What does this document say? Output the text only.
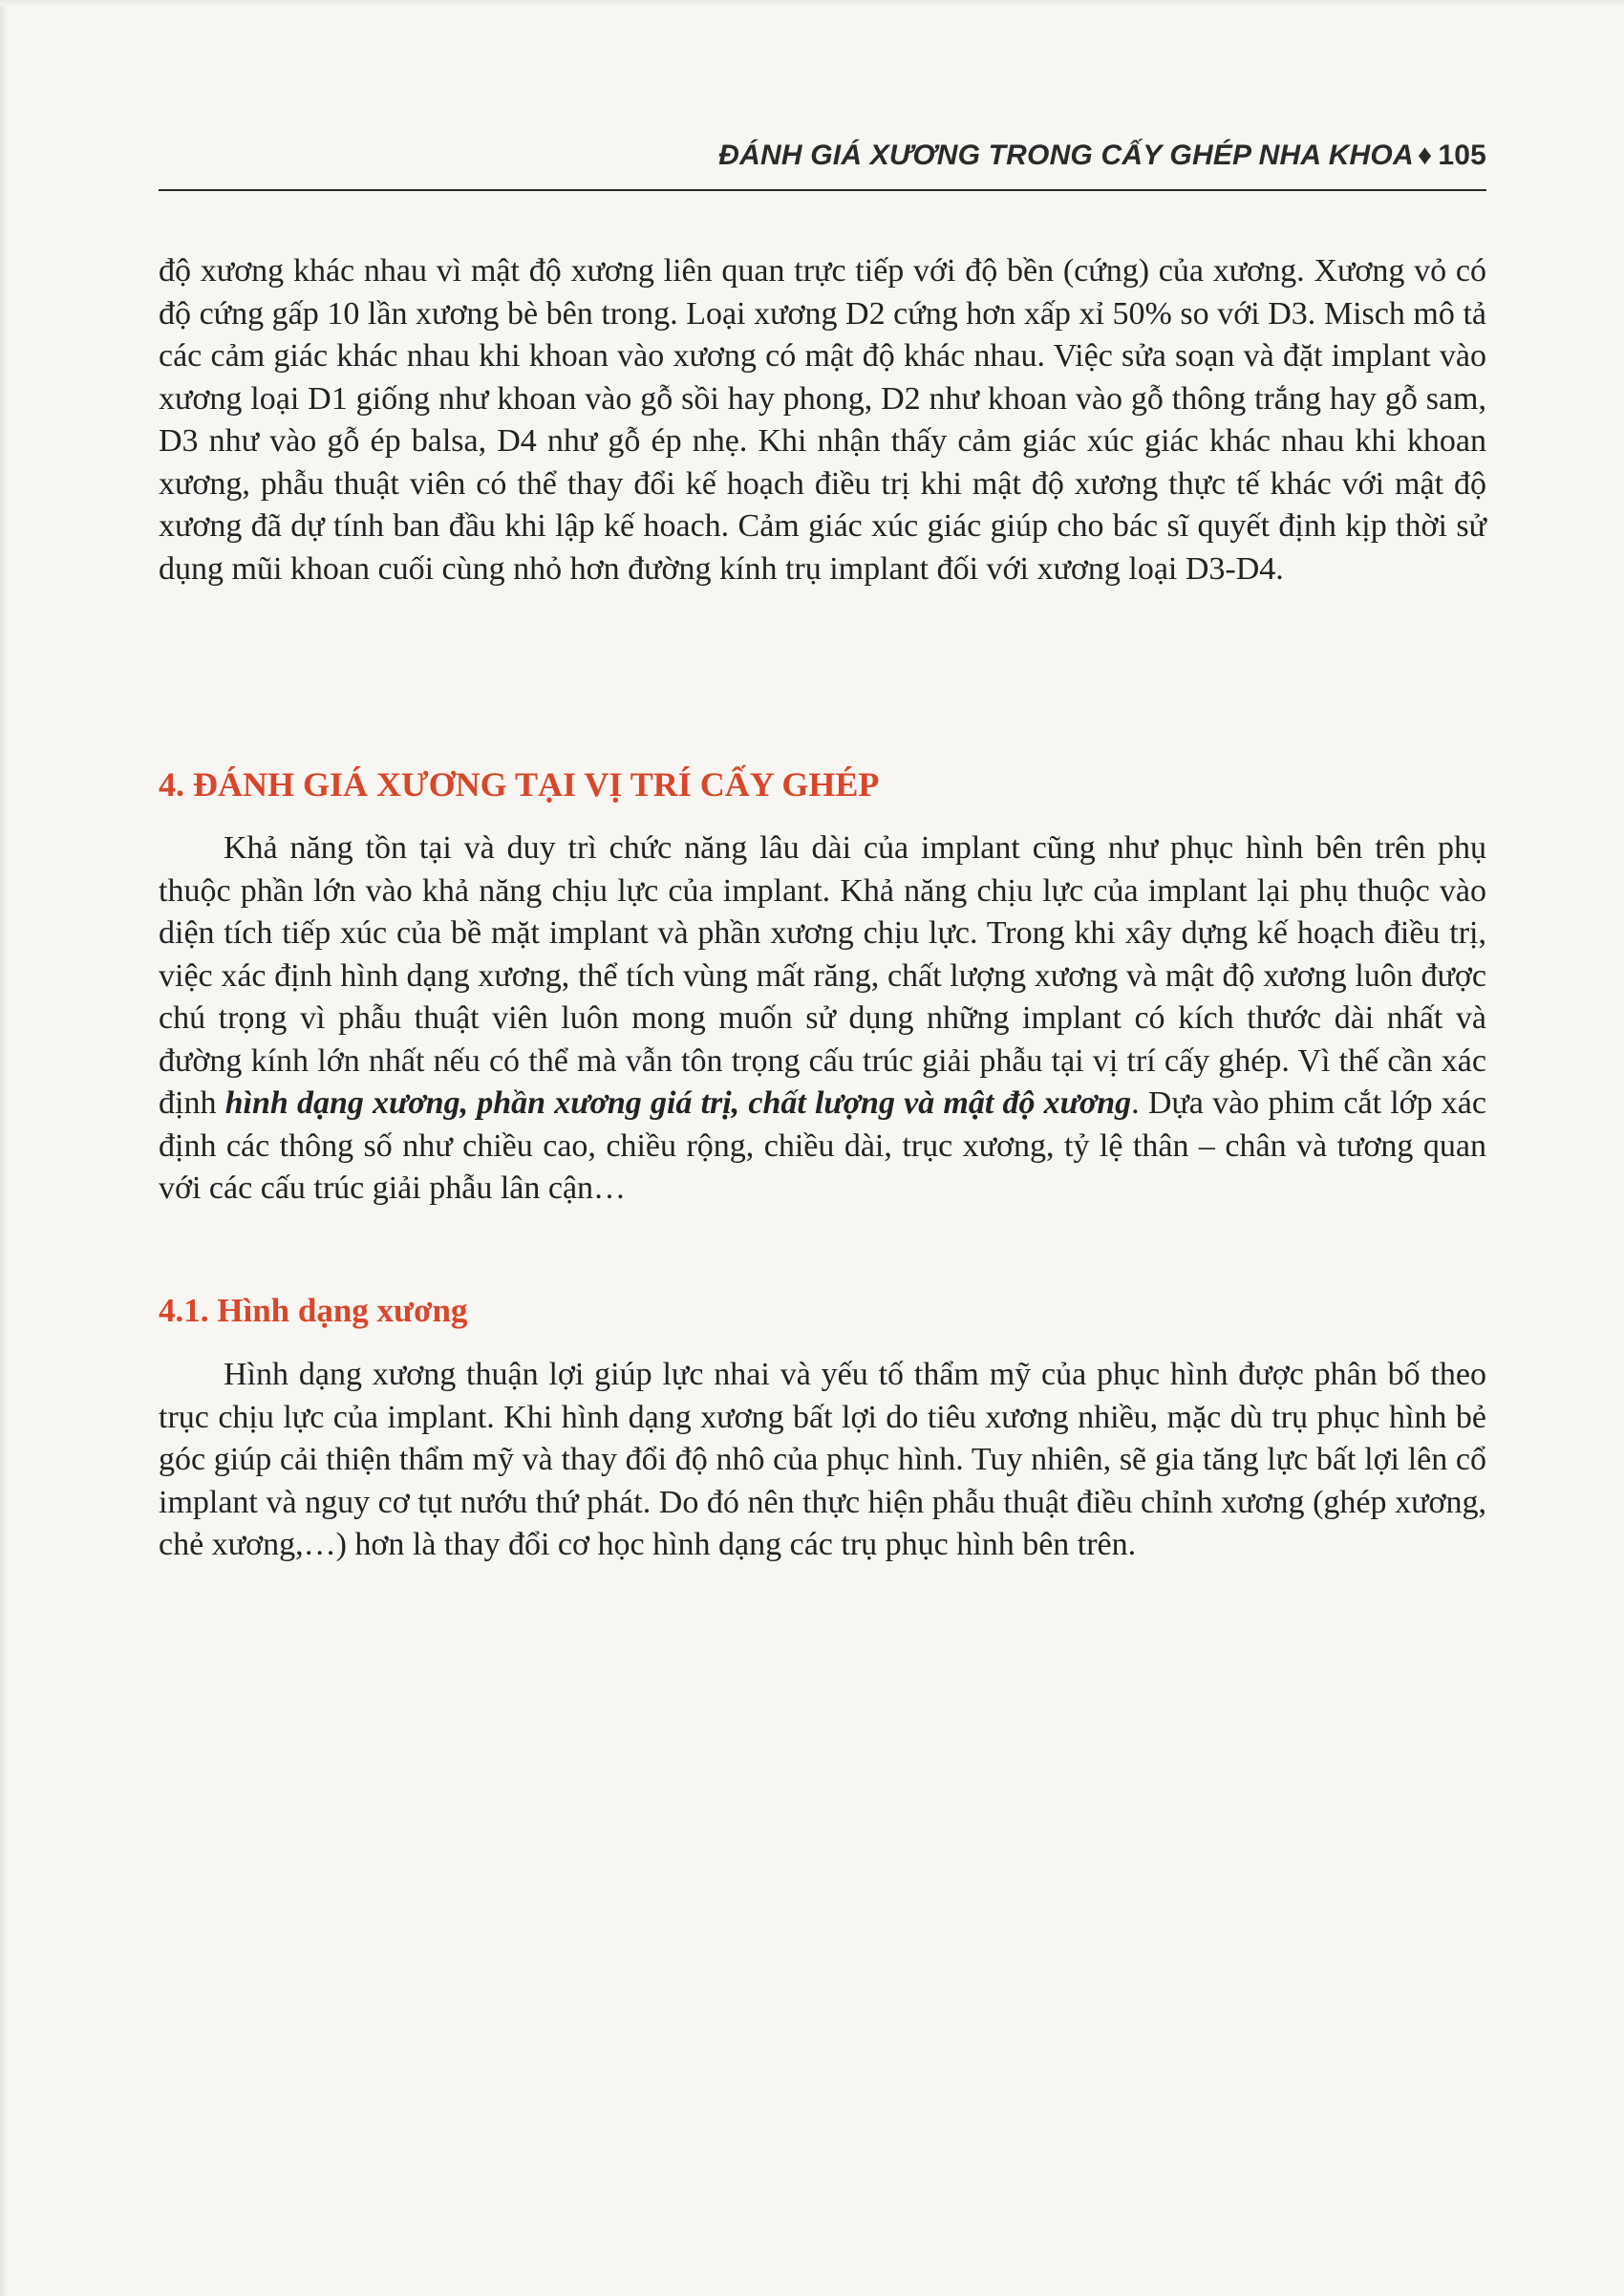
ĐÁNH GIÁ XƯƠNG TRONG CẤY GHÉP NHA KHOA ♦ 105

độ xương khác nhau vì mật độ xương liên quan trực tiếp với độ bền (cứng) của xương. Xương vỏ có độ cứng gấp 10 lần xương bè bên trong. Loại xương D2 cứng hơn xấp xỉ 50% so với D3. Misch mô tả các cảm giác khác nhau khi khoan vào xương có mật độ khác nhau. Việc sửa soạn và đặt implant vào xương loại D1 giống như khoan vào gỗ sồi hay phong, D2 như khoan vào gỗ thông trắng hay gỗ sam, D3 như vào gỗ ép balsa, D4 như gỗ ép nhẹ. Khi nhận thấy cảm giác xúc giác khác nhau khi khoan xương, phẫu thuật viên có thể thay đổi kế hoạch điều trị khi mật độ xương thực tế khác với mật độ xương đã dự tính ban đầu khi lập kế hoach. Cảm giác xúc giác giúp cho bác sĩ quyết định kịp thời sử dụng mũi khoan cuối cùng nhỏ hơn đường kính trụ implant đối với xương loại D3-D4.

4. ĐÁNH GIÁ XƯƠNG TẠI VỊ TRÍ CẤY GHÉP

Khả năng tồn tại và duy trì chức năng lâu dài của implant cũng như phục hình bên trên phụ thuộc phần lớn vào khả năng chịu lực của implant. Khả năng chịu lực của implant lại phụ thuộc vào diện tích tiếp xúc của bề mặt implant và phần xương chịu lực. Trong khi xây dựng kế hoạch điều trị, việc xác định hình dạng xương, thể tích vùng mất răng, chất lượng xương và mật độ xương luôn được chú trọng vì phẫu thuật viên luôn mong muốn sử dụng những implant có kích thước dài nhất và đường kính lớn nhất nếu có thể mà vẫn tôn trọng cấu trúc giải phẫu tại vị trí cấy ghép. Vì thế cần xác định hình dạng xương, phần xương giá trị, chất lượng và mật độ xương. Dựa vào phim cắt lớp xác định các thông số như chiều cao, chiều rộng, chiều dài, trục xương, tỷ lệ thân – chân và tương quan với các cấu trúc giải phẫu lân cận…

4.1. Hình dạng xương

Hình dạng xương thuận lợi giúp lực nhai và yếu tố thẩm mỹ của phục hình được phân bố theo trục chịu lực của implant. Khi hình dạng xương bất lợi do tiêu xương nhiều, mặc dù trụ phục hình bẻ góc giúp cải thiện thẩm mỹ và thay đổi độ nhô của phục hình. Tuy nhiên, sẽ gia tăng lực bất lợi lên cổ implant và nguy cơ tụt nướu thứ phát. Do đó nên thực hiện phẫu thuật điều chỉnh xương (ghép xương, chẻ xương,…) hơn là thay đổi cơ học hình dạng các trụ phục hình bên trên.
